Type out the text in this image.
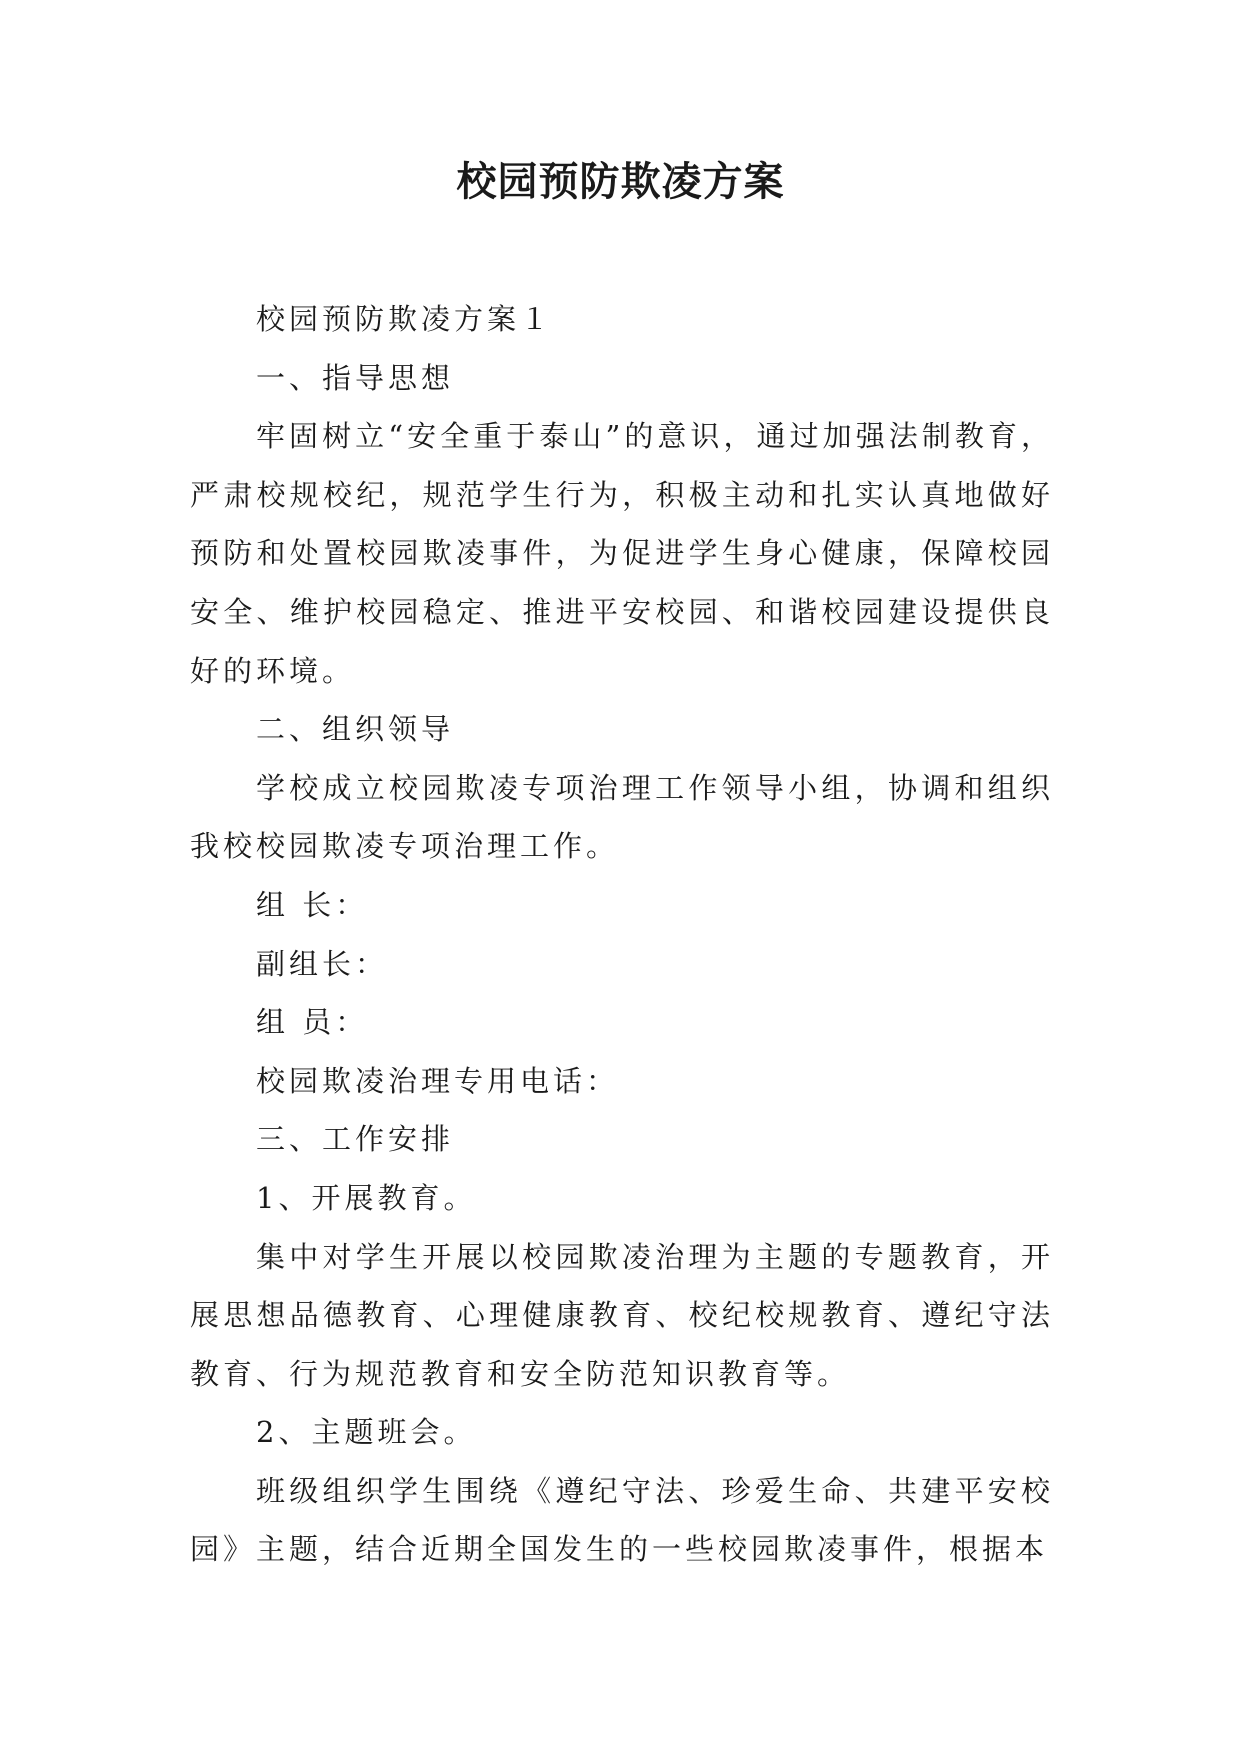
校园预防欺凌方案

校园预防欺凌方案１

一、指导思想

牢固树立“安全重于泰山”的意识，通过加强法制教育，严肃校规校纪，规范学生行为，积极主动和扎实认真地做好预防和处置校园欺凌事件，为促进学生身心健康，保障校园安全、维护校园稳定、推进平安校园、和谐校园建设提供良好的环境。

二、组织领导

学校成立校园欺凌专项治理工作领导小组，协调和组织我校校园欺凌专项治理工作。

组 长：

副组长：

组 员：

校园欺凌治理专用电话：

三、工作安排

1、开展教育。

集中对学生开展以校园欺凌治理为主题的专题教育，开展思想品德教育、心理健康教育、校纪校规教育、遵纪守法教育、行为规范教育和安全防范知识教育等。

2、主题班会。

班级组织学生围绕《遵纪守法、珍爱生命、共建平安校园》主题，结合近期全国发生的一些校园欺凌事件，根据本
